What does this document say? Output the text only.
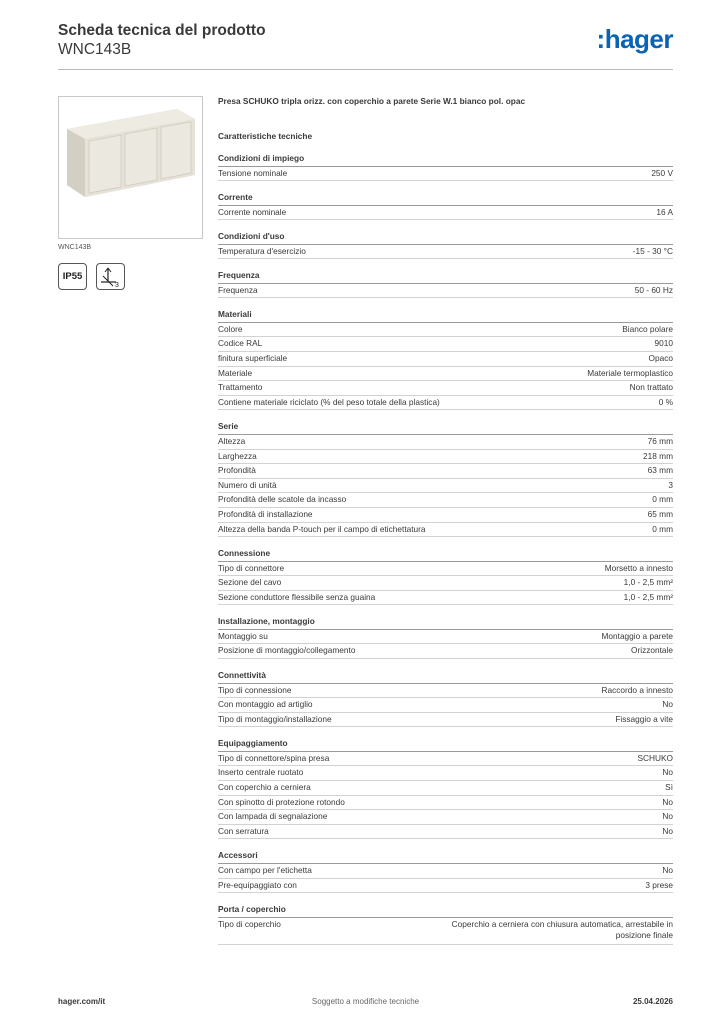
Scheda tecnica del prodotto
WNC143B	:hager
WNC143B
IP55
3
Presa SCHUKO tripla orizz. con coperchio a parete Serie W.1 bianco pol. opac
Caratteristiche tecniche
Condizioni di impiego
Tensione nominale	250 V
Corrente
Corrente nominale	16 A
Condizioni d'uso
Temperatura d'esercizio	-15 - 30 °C
Frequenza
Frequenza	50 - 60 Hz
Materiali
Colore	Bianco polare
Codice RAL	9010
finitura superficiale	Opaco
Materiale	Materiale termoplastico
Trattamento	Non trattato
Contiene materiale riciclato (% del peso totale della plastica)	0 %
Serie
Altezza	76 mm
Larghezza	218 mm
Profondità	63 mm
Numero di unità	3
Profondità delle scatole da incasso	0 mm
Profondità di installazione	65 mm
Altezza della banda P-touch per il campo di etichettatura	0 mm
Connessione
Tipo di connettore	Morsetto a innesto
Sezione del cavo	1,0 - 2,5 mm²
Sezione conduttore flessibile senza guaina	1,0 - 2,5 mm²
Installazione, montaggio
Montaggio su	Montaggio a parete
Posizione di montaggio/collegamento	Orizzontale
Connettività
Tipo di connessione	Raccordo a innesto
Con montaggio ad artiglio	No
Tipo di montaggio/installazione	Fissaggio a vite
Equipaggiamento
Tipo di connettore/spina presa	SCHUKO
Inserto centrale ruotato	No
Con coperchio a cerniera	Sì
Con spinotto di protezione rotondo	No
Con lampada di segnalazione	No
Con serratura	No
Accessori
Con campo per l'etichetta	No
Pre-equipaggiato con	3 prese
Porta / coperchio
Tipo di coperchio	Coperchio a cerniera con chiusura automatica, arrestabile in posizione finale
hager.com/it	Soggetto a modifiche tecniche	25.04.2026
